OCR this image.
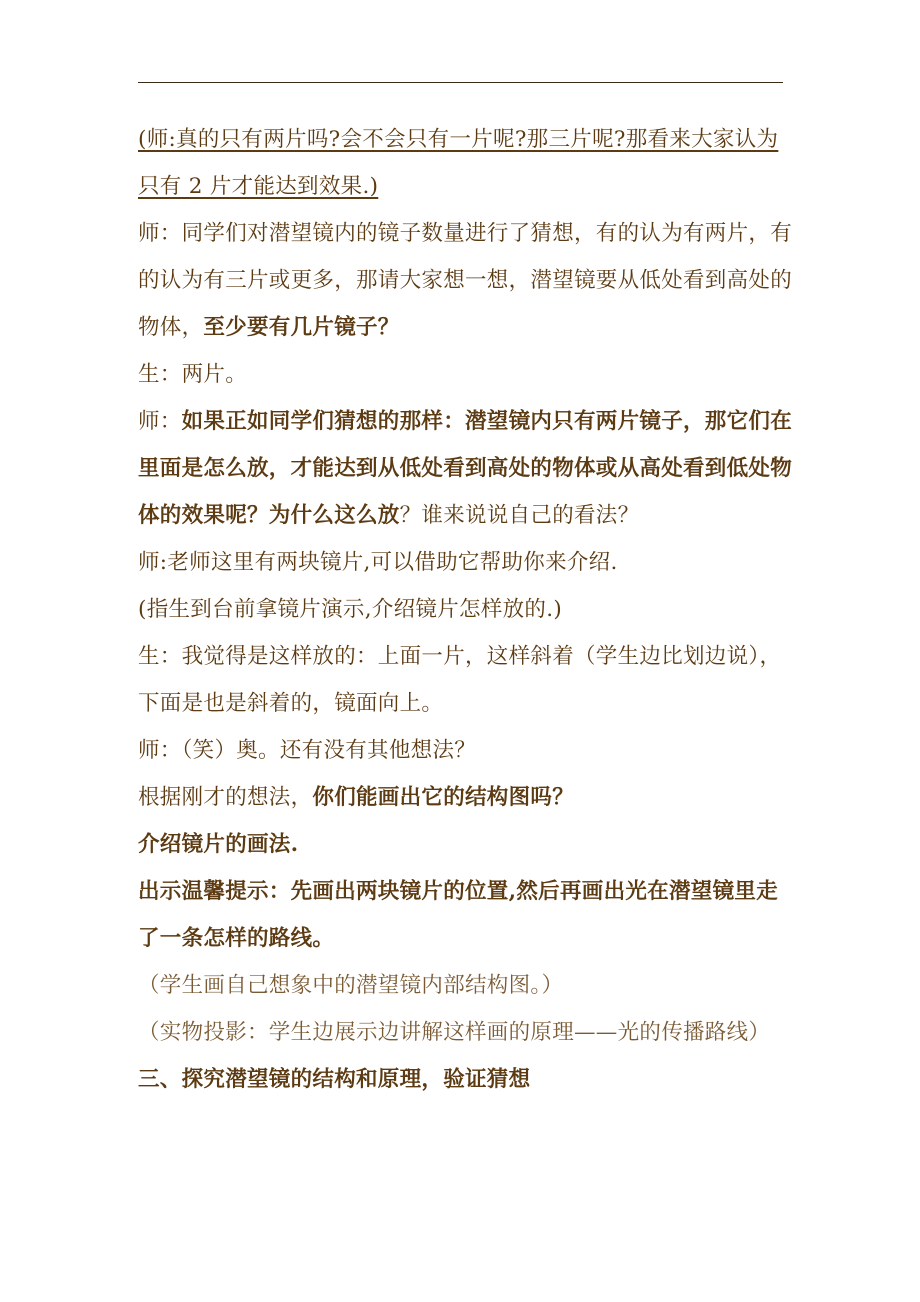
(师:真的只有两片吗?会不会只有一片呢?那三片呢?那看来大家认为
只有 2 片才能达到效果.)
师：同学们对潜望镜内的镜子数量进行了猜想，有的认为有两片，有
的认为有三片或更多，那请大家想一想，潜望镜要从低处看到高处的
物体，至少要有几片镜子？
生：两片。
师：如果正如同学们猜想的那样：潜望镜内只有两片镜子，那它们在
里面是怎么放，才能达到从低处看到高处的物体或从高处看到低处物
体的效果呢？为什么这么放？谁来说说自己的看法？
师:老师这里有两块镜片,可以借助它帮助你来介绍.
(指生到台前拿镜片演示,介绍镜片怎样放的.)
生：我觉得是这样放的：上面一片，这样斜着（学生边比划边说），
下面是也是斜着的，镜面向上。
师：（笑）奥。还有没有其他想法？
根据刚才的想法，你们能画出它的结构图吗？
介绍镜片的画法.
出示温馨提示：先画出两块镜片的位置,然后再画出光在潜望镜里走
了一条怎样的路线。
（学生画自己想象中的潜望镜内部结构图。）
（实物投影：学生边展示边讲解这样画的原理——光的传播路线）
三、探究潜望镜的结构和原理，验证猜想
